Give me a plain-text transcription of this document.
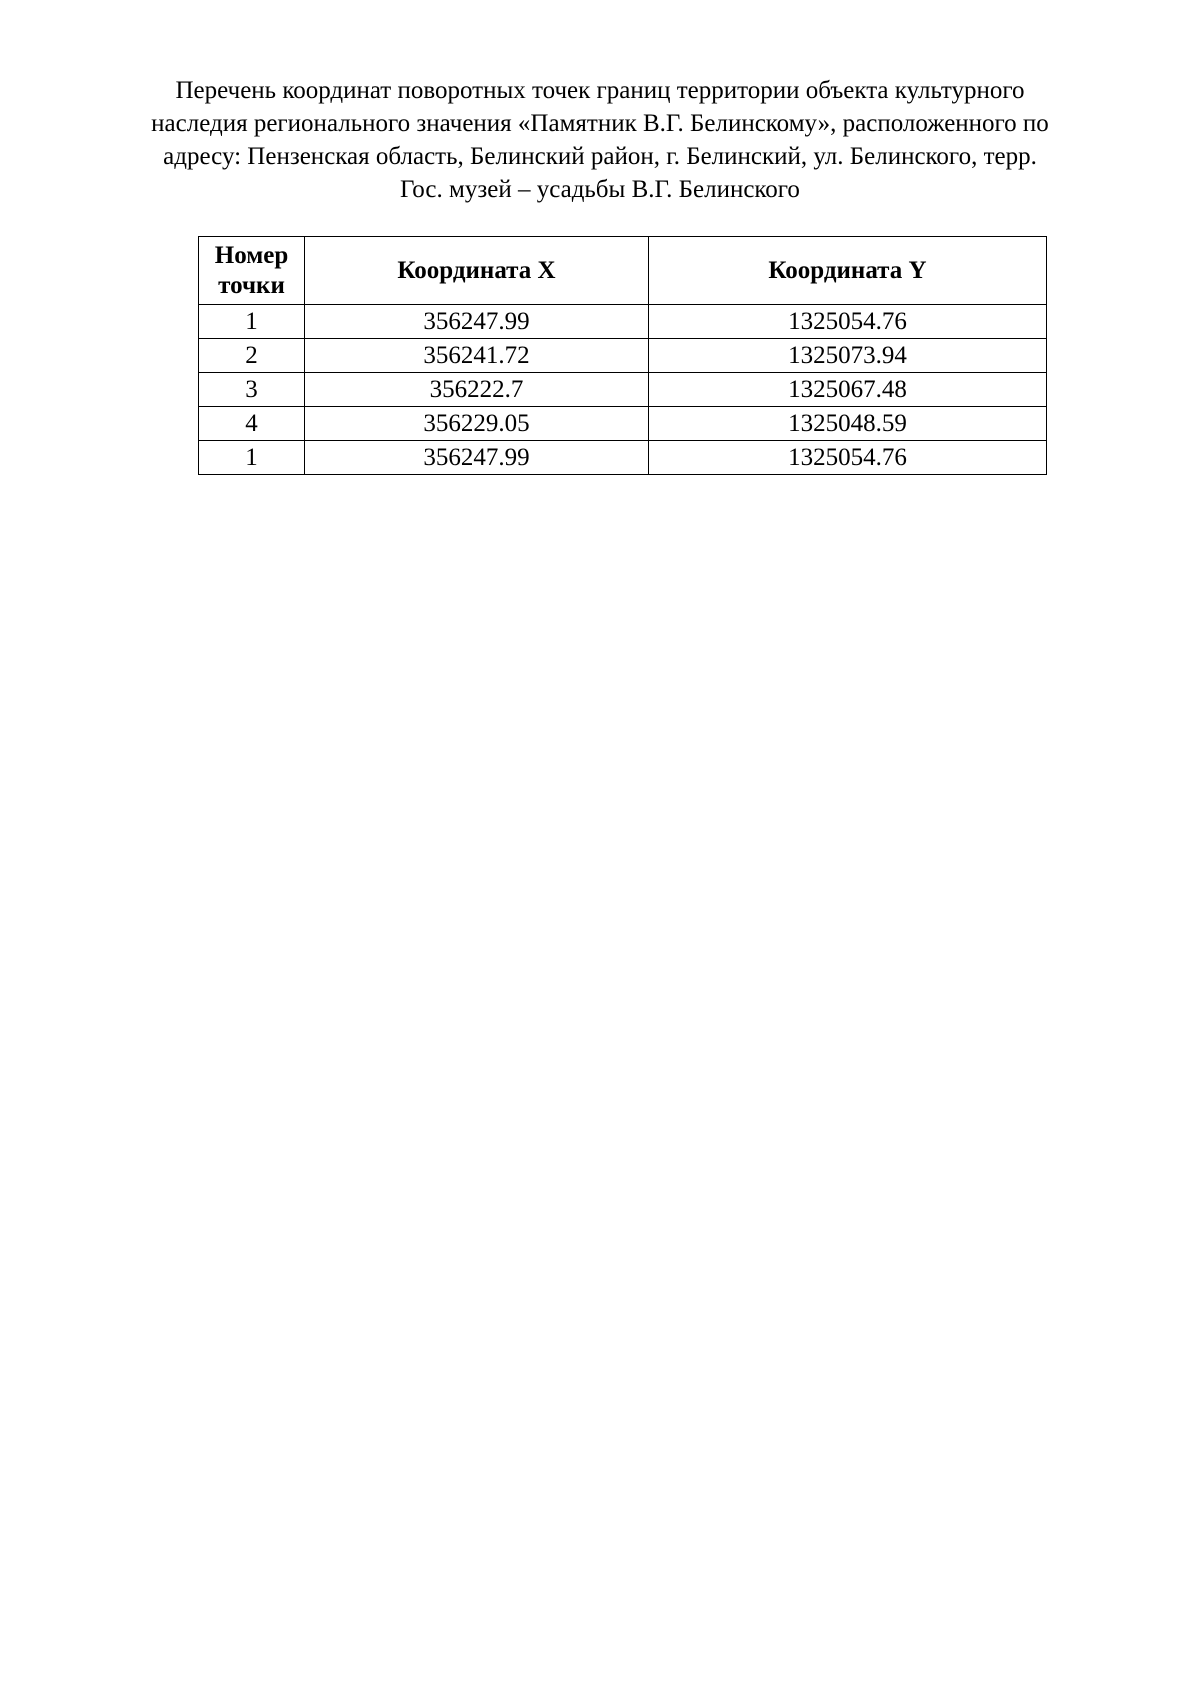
Перечень координат поворотных точек границ территории объекта культурного
наследия регионального значения «Памятник В.Г. Белинскому», расположенного по
адресу: Пензенская область, Белинский район, г. Белинский, ул. Белинского, терр.
Гос. музей – усадьбы В.Г. Белинского
Номер
точки	Координата X	Координата Y
1	356247.99	1325054.76
2	356241.72	1325073.94
3	356222.7	1325067.48
4	356229.05	1325048.59
1	356247.99	1325054.76
